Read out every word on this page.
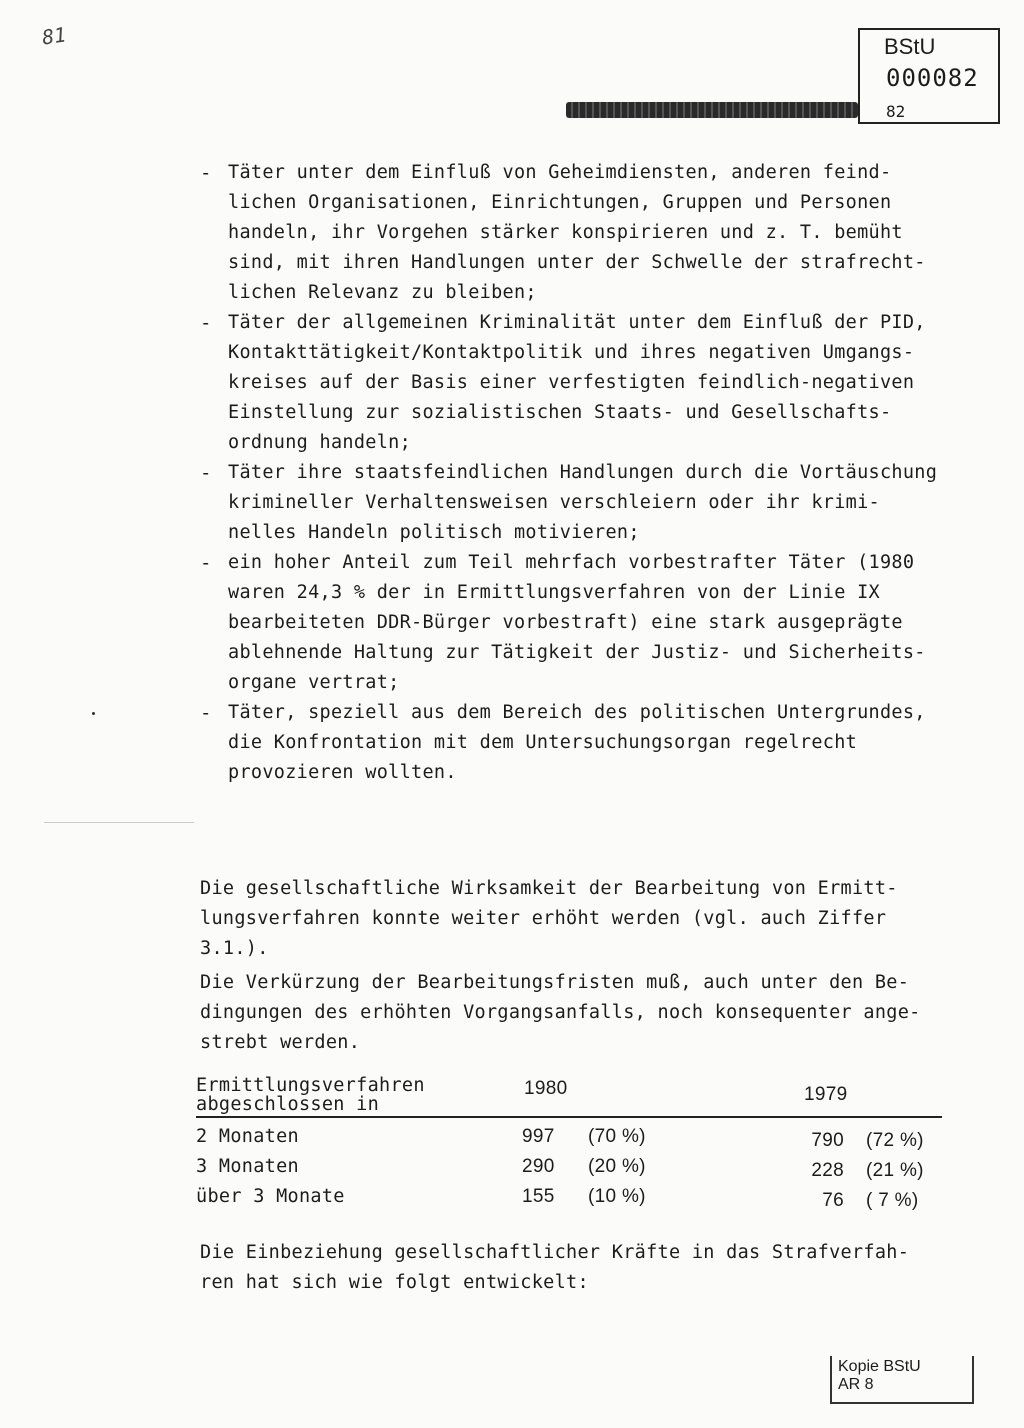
81	BStU
000082
82
- Täter unter dem Einfluß von Geheimdiensten, anderen feind-
lichen Organisationen, Einrichtungen, Gruppen und Personen
handeln, ihr Vorgehen stärker konspirieren und z. T. bemüht
sind, mit ihren Handlungen unter der Schwelle der strafrecht-
lichen Relevanz zu bleiben;
- Täter der allgemeinen Kriminalität unter dem Einfluß der PID,
Kontakttätigkeit/Kontaktpolitik und ihres negativen Umgangs-
kreises auf der Basis einer verfestigten feindlich-negativen
Einstellung zur sozialistischen Staats- und Gesellschafts-
ordnung handeln;
- Täter ihre staatsfeindlichen Handlungen durch die Vortäuschung
krimineller Verhaltensweisen verschleiern oder ihr krimi-
nelles Handeln politisch motivieren;
- ein hoher Anteil zum Teil mehrfach vorbestrafter Täter (1980
waren 24,3 % der in Ermittlungsverfahren von der Linie IX
bearbeiteten DDR-Bürger vorbestraft) eine stark ausgeprägte
ablehnende Haltung zur Tätigkeit der Justiz- und Sicherheits-
organe vertrat;
- Täter, speziell aus dem Bereich des politischen Untergrundes,
die Konfrontation mit dem Untersuchungsorgan regelrecht
provozieren wollten.
Die gesellschaftliche Wirksamkeit der Bearbeitung von Ermitt-
lungsverfahren konnte weiter erhöht werden (vgl. auch Ziffer
3.1.).
Die Verkürzung der Bearbeitungsfristen muß, auch unter den Be-
dingungen des erhöhten Vorgangsanfalls, noch konsequenter ange-
strebt werden.
Ermittlungsverfahren
abgeschlossen in
1980	1979
2 Monaten	997 (70 %)	790 (72 %)
3 Monaten	290 (20 %)	228 (21 %)
über 3 Monate	155 (10 %)	76 ( 7 %)
Die Einbeziehung gesellschaftlicher Kräfte in das Strafverfah-
ren hat sich wie folgt entwickelt:
Kopie BStU
AR 8
